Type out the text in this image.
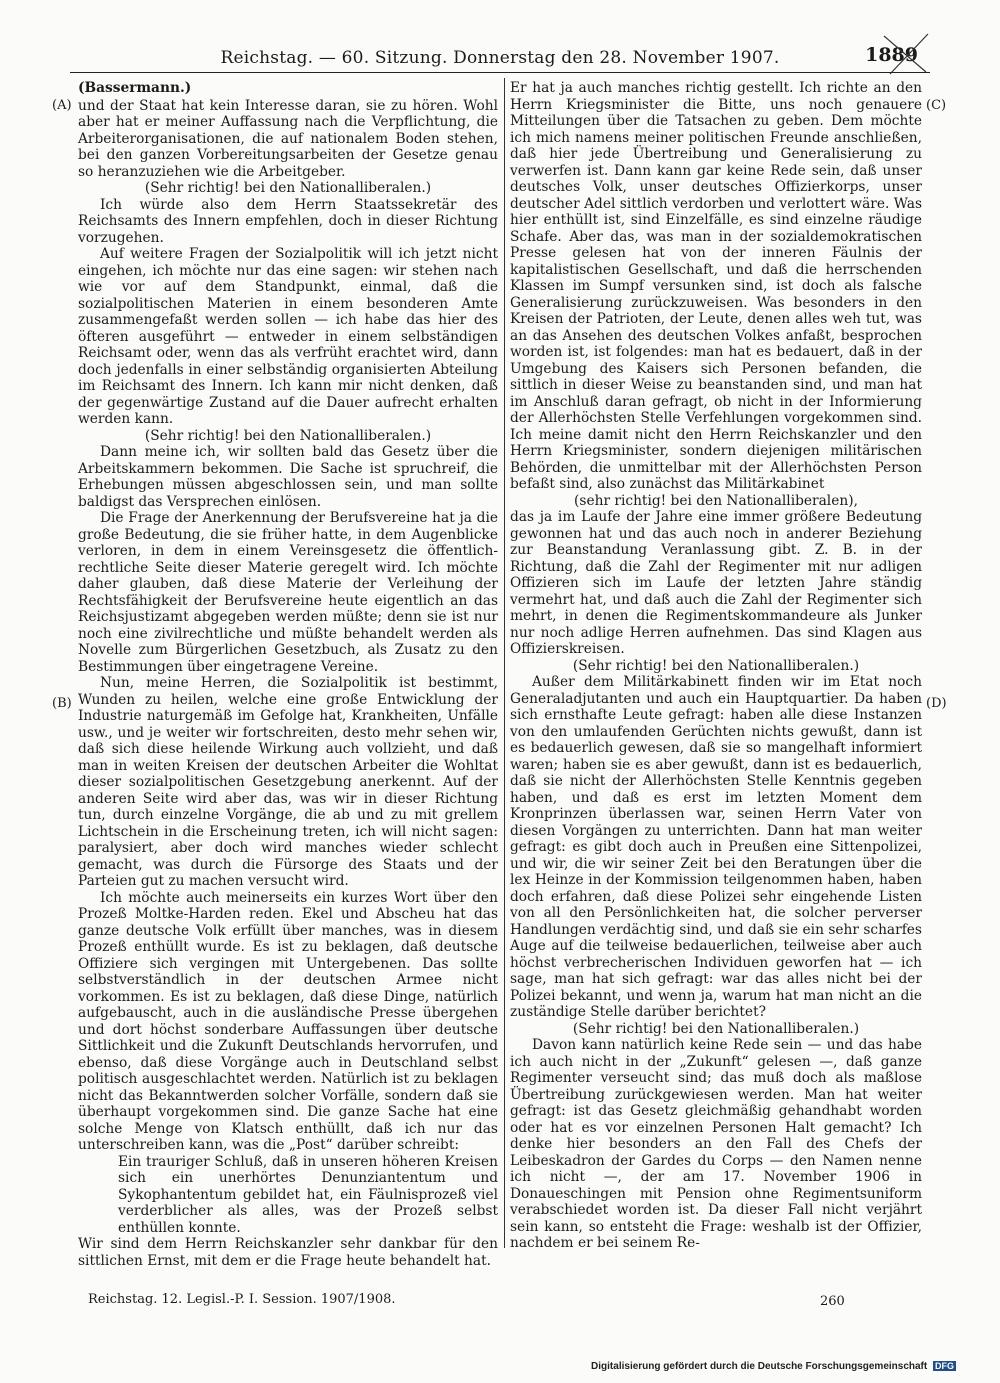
Reichstag. — 60. Sitzung. Donnerstag den 28. November 1907.	1889
(A)
(B)
(C)
(D)

(Bassermann.)

und der Staat hat kein Interesse daran, sie zu hören. Wohl aber hat er meiner Auffassung nach die Verpflichtung, die Arbeiterorganisationen, die auf nationalem Boden stehen, bei den ganzen Vorbereitungsarbeiten der Gesetze genau so heranzuziehen wie die Arbeitgeber.

(Sehr richtig! bei den Nationalliberalen.)

Ich würde also dem Herrn Staatssekretär des Reichsamts des Innern empfehlen, doch in dieser Richtung vorzugehen.

Auf weitere Fragen der Sozialpolitik will ich jetzt nicht eingehen, ich möchte nur das eine sagen: wir stehen nach wie vor auf dem Standpunkt, einmal, daß die sozialpolitischen Materien in einem besonderen Amte zusammengefaßt werden sollen — ich habe das hier des öfteren ausgeführt — entweder in einem selbständigen Reichsamt oder, wenn das als verfrüht erachtet wird, dann doch jedenfalls in einer selbständig organisierten Abteilung im Reichsamt des Innern. Ich kann mir nicht denken, daß der gegenwärtige Zustand auf die Dauer aufrecht erhalten werden kann.

(Sehr richtig! bei den Nationalliberalen.)

Dann meine ich, wir sollten bald das Gesetz über die Arbeitskammern bekommen. Die Sache ist spruchreif, die Erhebungen müssen abgeschlossen sein, und man sollte baldigst das Versprechen einlösen.

Die Frage der Anerkennung der Berufsvereine hat ja die große Bedeutung, die sie früher hatte, in dem Augenblicke verloren, in dem in einem Vereinsgesetz die öffentlich-rechtliche Seite dieser Materie geregelt wird. Ich möchte daher glauben, daß diese Materie der Verleihung der Rechtsfähigkeit der Berufsvereine heute eigentlich an das Reichsjustizamt abgegeben werden müßte; denn sie ist nur noch eine zivilrechtliche und müßte behandelt werden als Novelle zum Bürgerlichen Gesetzbuch, als Zusatz zu den Bestimmungen über eingetragene Vereine.

Nun, meine Herren, die Sozialpolitik ist bestimmt, Wunden zu heilen, welche eine große Entwicklung der Industrie naturgemäß im Gefolge hat, Krankheiten, Unfälle usw., und je weiter wir fortschreiten, desto mehr sehen wir, daß sich diese heilende Wirkung auch vollzieht, und daß man in weiten Kreisen der deutschen Arbeiter die Wohltat dieser sozialpolitischen Gesetzgebung anerkennt. Auf der anderen Seite wird aber das, was wir in dieser Richtung tun, durch einzelne Vorgänge, die ab und zu mit grellem Lichtschein in die Erscheinung treten, ich will nicht sagen: paralysiert, aber doch wird manches wieder schlecht gemacht, was durch die Fürsorge des Staats und der Parteien gut zu machen versucht wird.

Ich möchte auch meinerseits ein kurzes Wort über den Prozeß Moltke-Harden reden. Ekel und Abscheu hat das ganze deutsche Volk erfüllt über manches, was in diesem Prozeß enthüllt wurde. Es ist zu beklagen, daß deutsche Offiziere sich vergingen mit Untergebenen. Das sollte selbstverständlich in der deutschen Armee nicht vorkommen. Es ist zu beklagen, daß diese Dinge, natürlich aufgebauscht, auch in die ausländische Presse übergehen und dort höchst sonderbare Auffassungen über deutsche Sittlichkeit und die Zukunft Deutschlands hervorrufen, und ebenso, daß diese Vorgänge auch in Deutschland selbst politisch ausgeschlachtet werden. Natürlich ist zu beklagen nicht das Bekanntwerden solcher Vorfälle, sondern daß sie überhaupt vorgekommen sind. Die ganze Sache hat eine solche Menge von Klatsch enthüllt, daß ich nur das unterschreiben kann, was die „Post“ darüber schreibt:

Ein trauriger Schluß, daß in unseren höheren Kreisen sich ein unerhörtes Denunziantentum und Sykophantentum gebildet hat, ein Fäulnisprozeß viel verderblicher als alles, was der Prozeß selbst enthüllen konnte.

Wir sind dem Herrn Reichskanzler sehr dankbar für den sittlichen Ernst, mit dem er die Frage heute behandelt hat.

Er hat ja auch manches richtig gestellt. Ich richte an den Herrn Kriegsminister die Bitte, uns noch genauere Mitteilungen über die Tatsachen zu geben. Dem möchte ich mich namens meiner politischen Freunde anschließen, daß hier jede Übertreibung und Generalisierung zu verwerfen ist. Dann kann gar keine Rede sein, daß unser deutsches Volk, unser deutsches Offizierkorps, unser deutscher Adel sittlich verdorben und verlottert wäre. Was hier enthüllt ist, sind Einzelfälle, es sind einzelne räudige Schafe. Aber das, was man in der sozialdemokratischen Presse gelesen hat von der inneren Fäulnis der kapitalistischen Gesellschaft, und daß die herrschenden Klassen im Sumpf versunken sind, ist doch als falsche Generalisierung zurückzuweisen. Was besonders in den Kreisen der Patrioten, der Leute, denen alles weh tut, was an das Ansehen des deutschen Volkes anfaßt, besprochen worden ist, ist folgendes: man hat es bedauert, daß in der Umgebung des Kaisers sich Personen befanden, die sittlich in dieser Weise zu beanstanden sind, und man hat im Anschluß daran gefragt, ob nicht in der Informierung der Allerhöchsten Stelle Verfehlungen vorgekommen sind. Ich meine damit nicht den Herrn Reichskanzler und den Herrn Kriegsminister, sondern diejenigen militärischen Behörden, die unmittelbar mit der Allerhöchsten Person befaßt sind, also zunächst das Militärkabinet

(sehr richtig! bei den Nationalliberalen),

das ja im Laufe der Jahre eine immer größere Bedeutung gewonnen hat und das auch noch in anderer Beziehung zur Beanstandung Veranlassung gibt. Z. B. in der Richtung, daß die Zahl der Regimenter mit nur adligen Offizieren sich im Laufe der letzten Jahre ständig vermehrt hat, und daß auch die Zahl der Regimenter sich mehrt, in denen die Regimentskommandeure als Junker nur noch adlige Herren aufnehmen. Das sind Klagen aus Offizierskreisen.

(Sehr richtig! bei den Nationalliberalen.)

Außer dem Militärkabinett finden wir im Etat noch Generaladjutanten und auch ein Hauptquartier. Da haben sich ernsthafte Leute gefragt: haben alle diese Instanzen von den umlaufenden Gerüchten nichts gewußt, dann ist es bedauerlich gewesen, daß sie so mangelhaft informiert waren; haben sie es aber gewußt, dann ist es bedauerlich, daß sie nicht der Allerhöchsten Stelle Kenntnis gegeben haben, und daß es erst im letzten Moment dem Kronprinzen überlassen war, seinen Herrn Vater von diesen Vorgängen zu unterrichten. Dann hat man weiter gefragt: es gibt doch auch in Preußen eine Sittenpolizei, und wir, die wir seiner Zeit bei den Beratungen über die lex Heinze in der Kommission teilgenommen haben, haben doch erfahren, daß diese Polizei sehr eingehende Listen von all den Persönlichkeiten hat, die solcher perverser Handlungen verdächtig sind, und daß sie ein sehr scharfes Auge auf die teilweise bedauerlichen, teilweise aber auch höchst verbrecherischen Individuen geworfen hat — ich sage, man hat sich gefragt: war das alles nicht bei der Polizei bekannt, und wenn ja, warum hat man nicht an die zuständige Stelle darüber berichtet?

(Sehr richtig! bei den Nationalliberalen.)

Davon kann natürlich keine Rede sein — und das habe ich auch nicht in der „Zukunft“ gelesen —, daß ganze Regimenter verseucht sind; das muß doch als maßlose Übertreibung zurückgewiesen werden. Man hat weiter gefragt: ist das Gesetz gleichmäßig gehandhabt worden oder hat es vor einzelnen Personen Halt gemacht? Ich denke hier besonders an den Fall des Chefs der Leibeskadron der Gardes du Corps — den Namen nenne ich nicht —, der am 17. November 1906 in Donaueschingen mit Pension ohne Regimentsuniform verabschiedet worden ist. Da dieser Fall nicht verjährt sein kann, so entsteht die Frage: weshalb ist der Offizier, nachdem er bei seinem Re-

Reichstag. 12. Legisl.-P. I. Session. 1907/1908.	260
Digitalisierung gefördert durch die Deutsche Forschungsgemeinschaft DFG
